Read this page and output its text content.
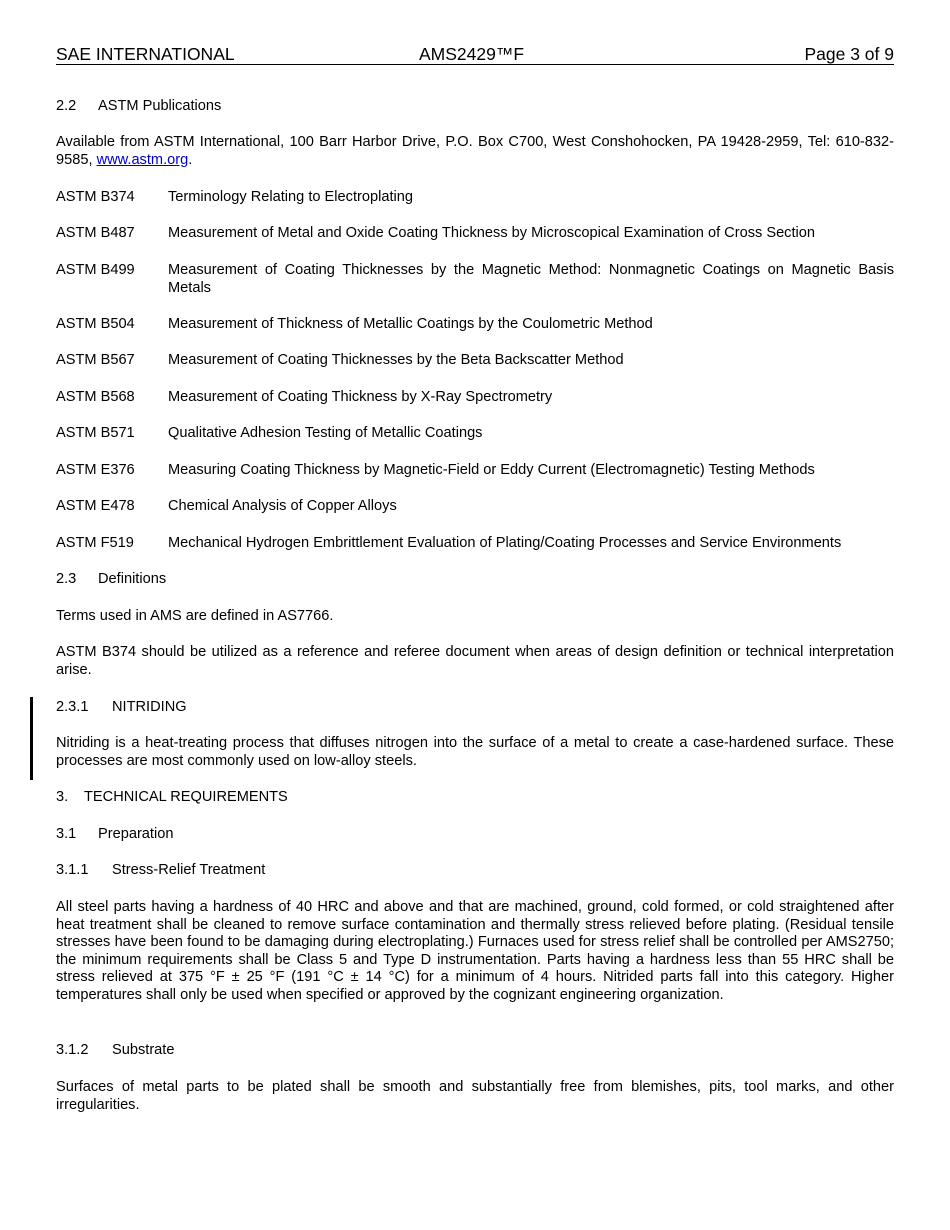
SAE INTERNATIONAL	AMS2429™F	Page 3 of 9
2.2 ASTM Publications
Available from ASTM International, 100 Barr Harbor Drive, P.O. Box C700, West Conshohocken, PA 19428-2959, Tel: 610-832-9585, www.astm.org.
ASTM B374 Terminology Relating to Electroplating
ASTM B487 Measurement of Metal and Oxide Coating Thickness by Microscopical Examination of Cross Section
ASTM B499 Measurement of Coating Thicknesses by the Magnetic Method: Nonmagnetic Coatings on Magnetic Basis Metals
ASTM B504 Measurement of Thickness of Metallic Coatings by the Coulometric Method
ASTM B567 Measurement of Coating Thicknesses by the Beta Backscatter Method
ASTM B568 Measurement of Coating Thickness by X-Ray Spectrometry
ASTM B571 Qualitative Adhesion Testing of Metallic Coatings
ASTM E376 Measuring Coating Thickness by Magnetic-Field or Eddy Current (Electromagnetic) Testing Methods
ASTM E478 Chemical Analysis of Copper Alloys
ASTM F519 Mechanical Hydrogen Embrittlement Evaluation of Plating/Coating Processes and Service Environments
2.3 Definitions
Terms used in AMS are defined in AS7766.
ASTM B374 should be utilized as a reference and referee document when areas of design definition or technical interpretation arise.
2.3.1 NITRIDING
Nitriding is a heat-treating process that diffuses nitrogen into the surface of a metal to create a case-hardened surface. These processes are most commonly used on low-alloy steels.
3. TECHNICAL REQUIREMENTS
3.1 Preparation
3.1.1 Stress-Relief Treatment
All steel parts having a hardness of 40 HRC and above and that are machined, ground, cold formed, or cold straightened after heat treatment shall be cleaned to remove surface contamination and thermally stress relieved before plating. (Residual tensile stresses have been found to be damaging during electroplating.) Furnaces used for stress relief shall be controlled per AMS2750; the minimum requirements shall be Class 5 and Type D instrumentation. Parts having a hardness less than 55 HRC shall be stress relieved at 375 °F ± 25 °F (191 °C ± 14 °C) for a minimum of 4 hours. Nitrided parts fall into this category. Higher temperatures shall only be used when specified or approved by the cognizant engineering organization.
3.1.2 Substrate
Surfaces of metal parts to be plated shall be smooth and substantially free from blemishes, pits, tool marks, and other irregularities.
